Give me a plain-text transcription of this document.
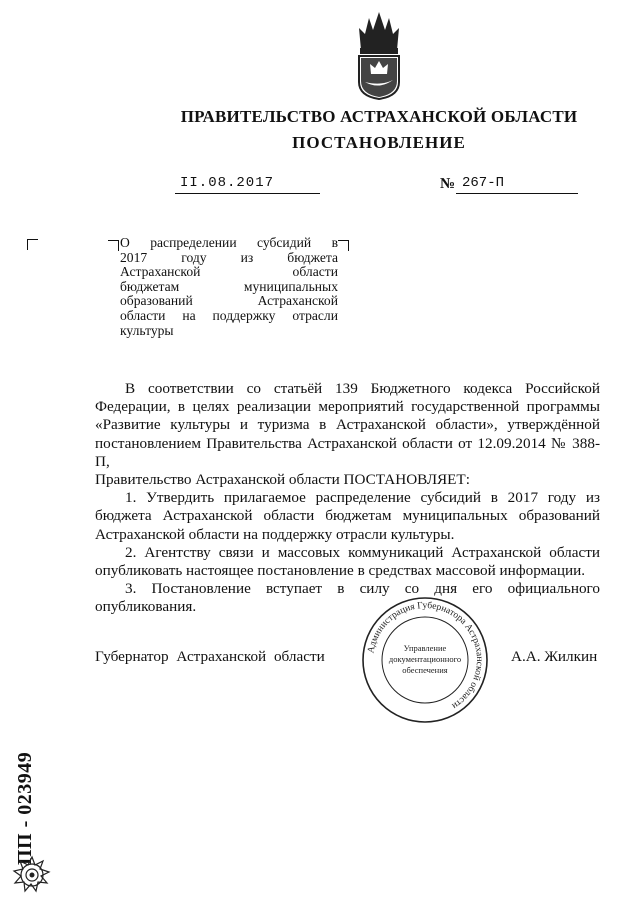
ПРАВИТЕЛЬСТВО АСТРАХАНСКОЙ ОБЛАСТИ
ПОСТАНОВЛЕНИЕ
II.08.2017	№ 267-П
О распределении субсидий в
2017 году из бюджета
Астраханской области
бюджетам муниципальных
образований Астраханской
области на поддержку отрасли
культуры
В соответствии со статьёй 139 Бюджетного кодекса Российской
Федерации, в целях реализации мероприятий государственной программы
«Развитие культуры и туризма в Астраханской области», утверждённой
постановлением Правительства Астраханской области от 12.09.2014 № 388-П,
Правительство Астраханской области ПОСТАНОВЛЯЕТ:
1. Утвердить прилагаемое распределение субсидий в 2017 году из
бюджета Астраханской области бюджетам муниципальных образований
Астраханской области на поддержку отрасли культуры.
2. Агентству связи и массовых коммуникаций Астраханской области
опубликовать настоящее постановление в средствах массовой информации.
3. Постановление вступает в силу со дня его официального
опубликования.
Губернатор Астраханской области	А.А. Жилкин
Администрация Губернатора Астраханской области
Управление
документационного
обеспечения
ПП - 023949
